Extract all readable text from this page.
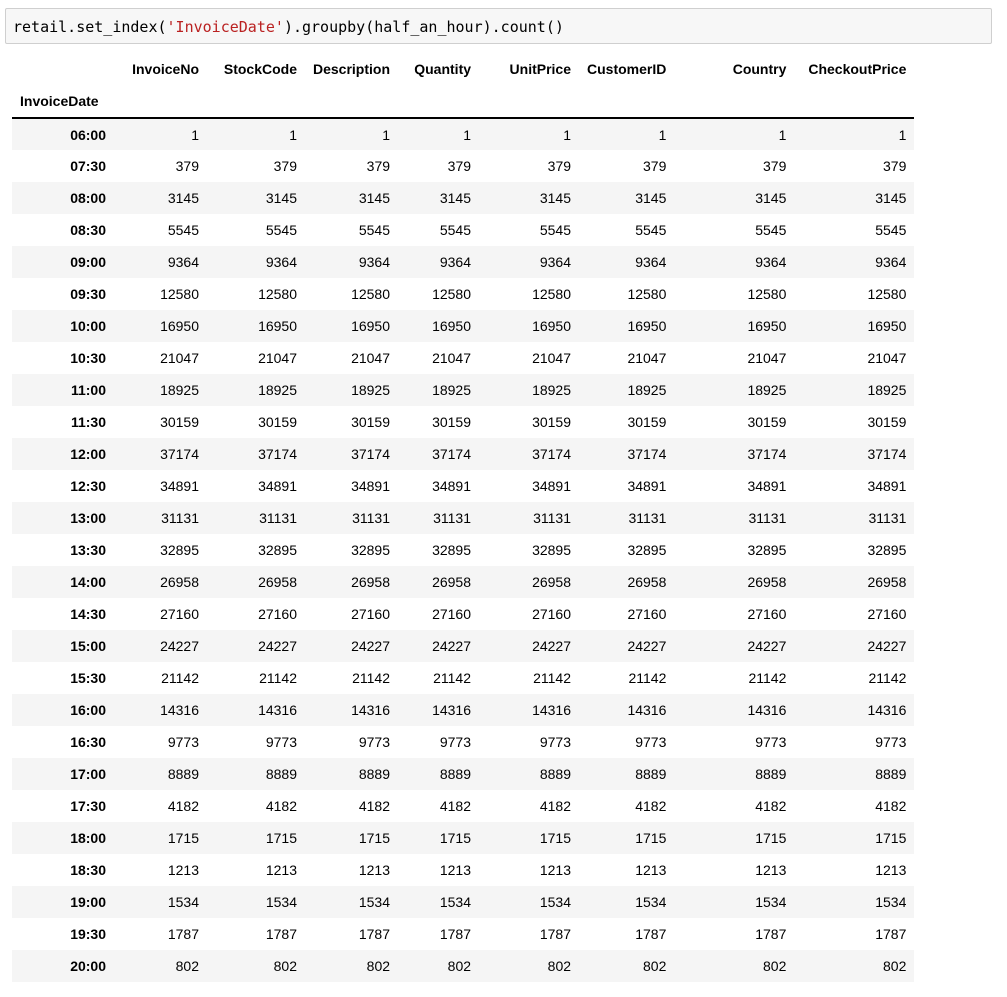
retail.set_index('InvoiceDate').groupby(half_an_hour).count()
	InvoiceNo	StockCode	Description	Quantity	UnitPrice	CustomerID	Country	CheckoutPrice
InvoiceDate								
06:00	1	1	1	1	1	1	1	1
07:30	379	379	379	379	379	379	379	379
08:00	3145	3145	3145	3145	3145	3145	3145	3145
08:30	5545	5545	5545	5545	5545	5545	5545	5545
09:00	9364	9364	9364	9364	9364	9364	9364	9364
09:30	12580	12580	12580	12580	12580	12580	12580	12580
10:00	16950	16950	16950	16950	16950	16950	16950	16950
10:30	21047	21047	21047	21047	21047	21047	21047	21047
11:00	18925	18925	18925	18925	18925	18925	18925	18925
11:30	30159	30159	30159	30159	30159	30159	30159	30159
12:00	37174	37174	37174	37174	37174	37174	37174	37174
12:30	34891	34891	34891	34891	34891	34891	34891	34891
13:00	31131	31131	31131	31131	31131	31131	31131	31131
13:30	32895	32895	32895	32895	32895	32895	32895	32895
14:00	26958	26958	26958	26958	26958	26958	26958	26958
14:30	27160	27160	27160	27160	27160	27160	27160	27160
15:00	24227	24227	24227	24227	24227	24227	24227	24227
15:30	21142	21142	21142	21142	21142	21142	21142	21142
16:00	14316	14316	14316	14316	14316	14316	14316	14316
16:30	9773	9773	9773	9773	9773	9773	9773	9773
17:00	8889	8889	8889	8889	8889	8889	8889	8889
17:30	4182	4182	4182	4182	4182	4182	4182	4182
18:00	1715	1715	1715	1715	1715	1715	1715	1715
18:30	1213	1213	1213	1213	1213	1213	1213	1213
19:00	1534	1534	1534	1534	1534	1534	1534	1534
19:30	1787	1787	1787	1787	1787	1787	1787	1787
20:00	802	802	802	802	802	802	802	802
